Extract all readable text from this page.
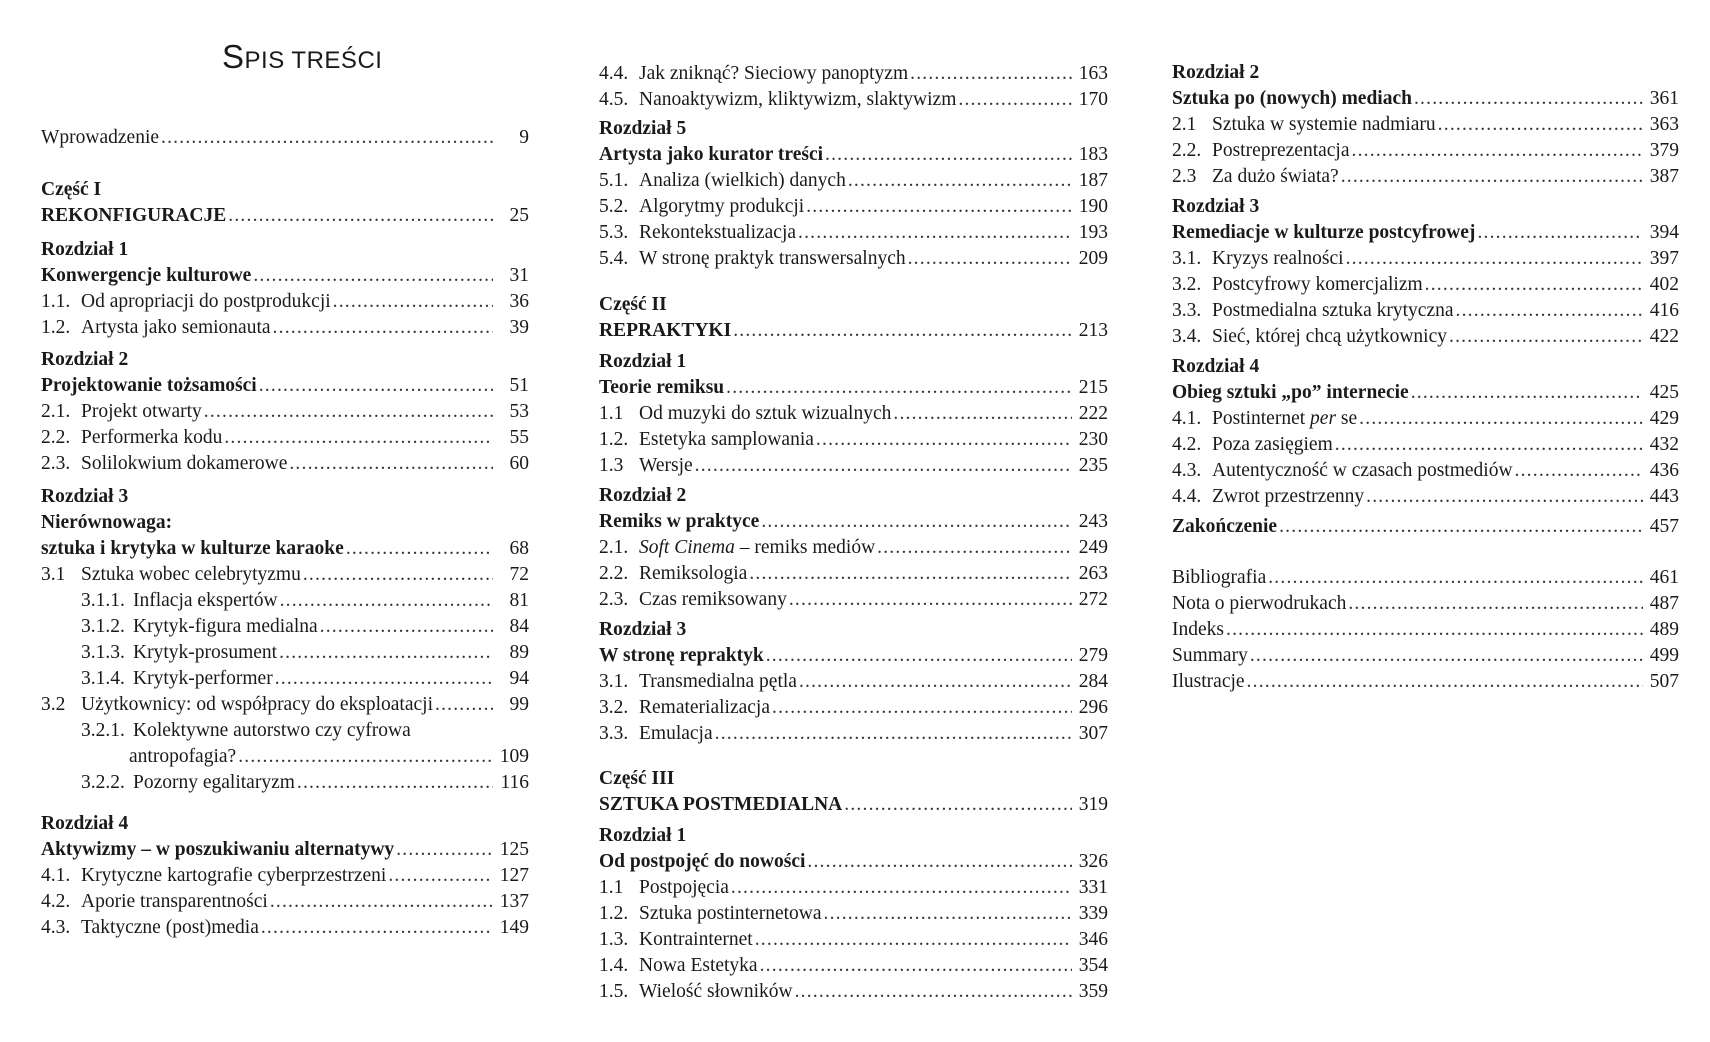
SPIS TREŚCI
Wprowadzenie .....	9
Część I
REKONFIGURACJE .....	25
Rozdział 1
Konwergencje kulturowe .....	31
1.1. Od apropriacji do postprodukcji .....	36
1.2. Artysta jako semionauta .....	39
Rozdział 2
Projektowanie tożsamości .....	51
2.1. Projekt otwarty .....	53
2.2. Performerka kodu .....	55
2.3. Solilokwium dokamerowe .....	60
Rozdział 3
Nierównowaga:
sztuka i krytyka w kulturze karaoke .....	68
3.1 Sztuka wobec celebrytyzmu .....	72
3.1.1. Inflacja ekspertów .....	81
3.1.2. Krytyk-figura medialna .....	84
3.1.3. Krytyk-prosument .....	89
3.1.4. Krytyk-performer .....	94
3.2 Użytkownicy: od współpracy do eksploatacji .....	99
3.2.1. Kolektywne autorstwo czy cyfrowa
antropofagia? .....	109
3.2.2. Pozorny egalitaryzm .....	116
Rozdział 4
Aktywizmy – w poszukiwaniu alternatywy .....	125
4.1. Krytyczne kartografie cyberprzestrzeni .....	127
4.2. Aporie transparentności .....	137
4.3. Taktyczne (post)media .....	149
4.4. Jak zniknąć? Sieciowy panoptyzm .....	163
4.5. Nanoaktywizm, kliktywizm, slaktywizm .....	170
Rozdział 5
Artysta jako kurator treści .....	183
5.1. Analiza (wielkich) danych .....	187
5.2. Algorytmy produkcji .....	190
5.3. Rekontekstualizacja .....	193
5.4. W stronę praktyk transwersalnych .....	209
Część II
REPRAKTYKI .....	213
Rozdział 1
Teorie remiksu .....	215
1.1 Od muzyki do sztuk wizualnych .....	222
1.2. Estetyka samplowania .....	230
1.3 Wersje .....	235
Rozdział 2
Remiks w praktyce .....	243
2.1. Soft Cinema – remiks mediów .....	249
2.2. Remiksologia .....	263
2.3. Czas remiksowany .....	272
Rozdział 3
W stronę repraktyk .....	279
3.1. Transmedialna pętla .....	284
3.2. Rematerializacja .....	296
3.3. Emulacja .....	307
Część III
SZTUKA POSTMEDIALNA .....	319
Rozdział 1
Od postpojęć do nowości .....	326
1.1 Postpojęcia .....	331
1.2. Sztuka postinternetowa .....	339
1.3. Kontrainternet .....	346
1.4. Nowa Estetyka .....	354
1.5. Wielość słowników .....	359
Rozdział 2
Sztuka po (nowych) mediach .....	361
2.1 Sztuka w systemie nadmiaru .....	363
2.2. Postreprezentacja .....	379
2.3 Za dużo świata? .....	387
Rozdział 3
Remediacje w kulturze postcyfrowej .....	394
3.1. Kryzys realności .....	397
3.2. Postcyfrowy komercjalizm .....	402
3.3. Postmedialna sztuka krytyczna .....	416
3.4. Sieć, której chcą użytkownicy .....	422
Rozdział 4
Obieg sztuki „po” internecie .....	425
4.1. Postinternet per se .....	429
4.2. Poza zasięgiem .....	432
4.3. Autentyczność w czasach postmediów .....	436
4.4. Zwrot przestrzenny .....	443
Zakończenie .....	457
Bibliografia .....	461
Nota o pierwodrukach .....	487
Indeks .....	489
Summary .....	499
Ilustracje .....	507
